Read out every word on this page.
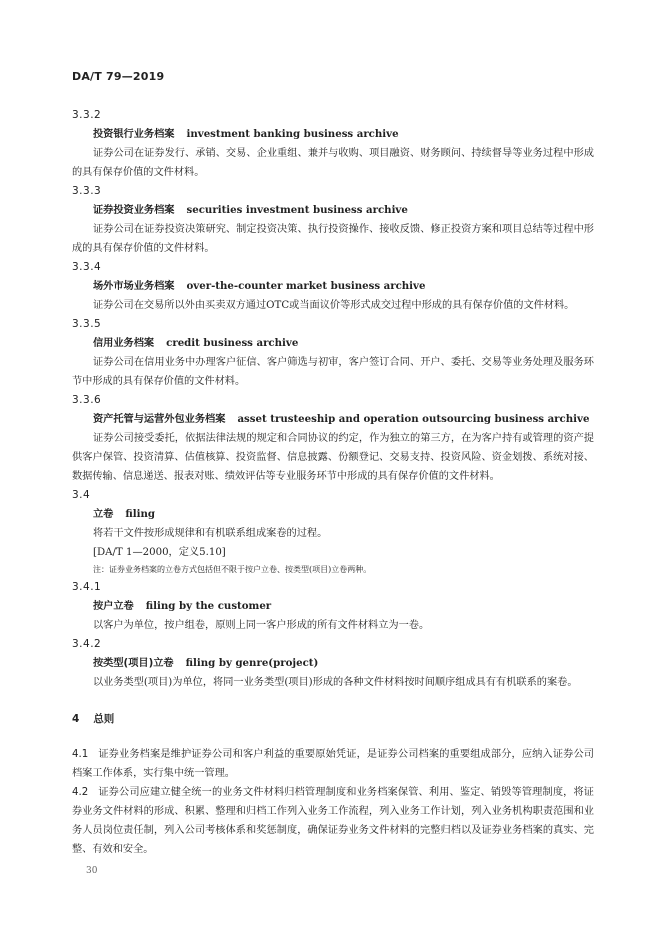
DA/T 79—2019
3.3.2
投资银行业务档案 investment banking business archive
证券公司在证券发行、承销、交易、企业重组、兼并与收购、项目融资、财务顾问、持续督导等业务过程中形成的具有保存价值的文件材料。
3.3.3
证券投资业务档案 securities investment business archive
证券公司在证券投资决策研究、制定投资决策、执行投资操作、接收反馈、修正投资方案和项目总结等过程中形成的具有保存价值的文件材料。
3.3.4
场外市场业务档案 over-the-counter market business archive
证券公司在交易所以外由买卖双方通过OTC或当面议价等形式成交过程中形成的具有保存价值的文件材料。
3.3.5
信用业务档案 credit business archive
证券公司在信用业务中办理客户征信、客户筛选与初审，客户签订合同、开户、委托、交易等业务处理及服务环节中形成的具有保存价值的文件材料。
3.3.6
资产托管与运营外包业务档案 asset trusteeship and operation outsourcing business archive
证券公司接受委托，依据法律法规的规定和合同协议的约定，作为独立的第三方，在为客户持有或管理的资产提供客户保管、投资清算、估值核算、投资监督、信息披露、份额登记、交易支持、投资风险、资金划拨、系统对接、数据传输、信息递送、报表对账、绩效评估等专业服务环节中形成的具有保存价值的文件材料。
3.4
立卷 filing
将若干文件按形成规律和有机联系组成案卷的过程。
[DA/T 1—2000，定义5.10]
注：证券业务档案的立卷方式包括但不限于按户立卷、按类型(项目)立卷两种。
3.4.1
按户立卷 filing by the customer
以客户为单位，按户组卷，原则上同一客户形成的所有文件材料立为一卷。
3.4.2
按类型(项目)立卷 filing by genre(project)
以业务类型(项目)为单位，将同一业务类型(项目)形成的各种文件材料按时间顺序组成具有有机联系的案卷。
4 总则
4.1 证券业务档案是维护证券公司和客户利益的重要原始凭证，是证券公司档案的重要组成部分，应纳入证券公司档案工作体系，实行集中统一管理。
4.2 证券公司应建立健全统一的业务文件材料归档管理制度和业务档案保管、利用、鉴定、销毁等管理制度，将证券业务文件材料的形成、积累、整理和归档工作列入业务工作流程，列入业务工作计划，列入业务机构职责范围和业务人员岗位责任制，列入公司考核体系和奖惩制度，确保证券业务文件材料的完整归档以及证券业务档案的真实、完整、有效和安全。
30
